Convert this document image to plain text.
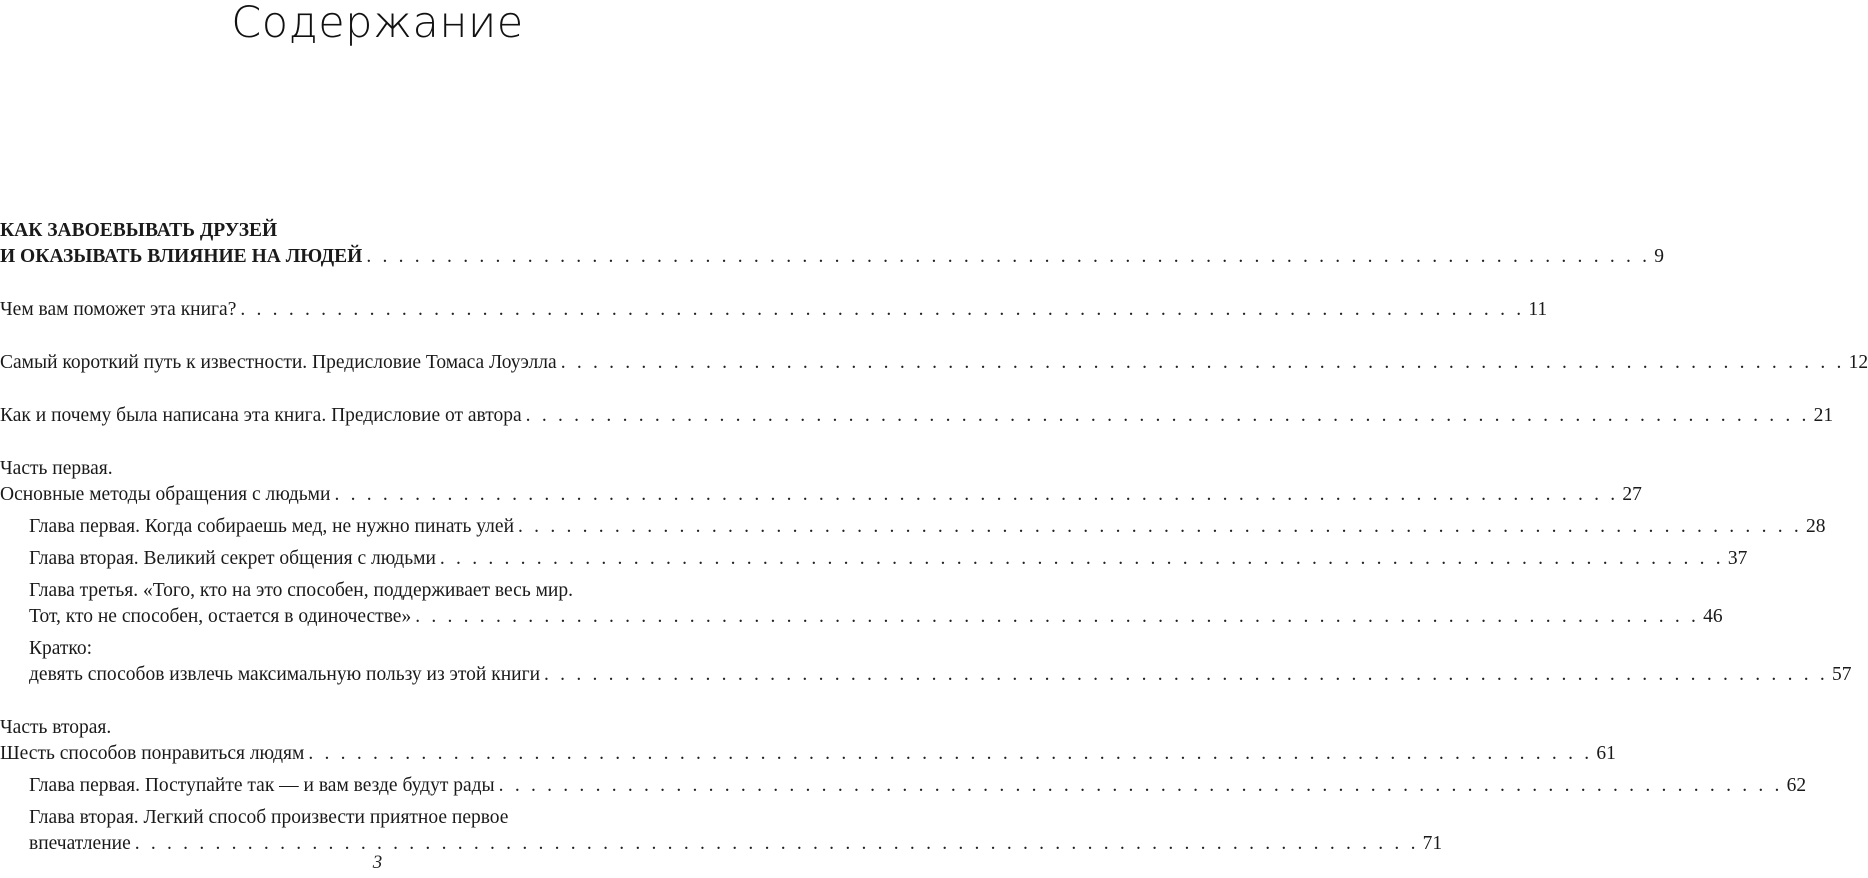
Содержание
КАК ЗАВОЕВЫВАТЬ ДРУЗЕЙ
И ОКАЗЫВАТЬ ВЛИЯНИЕ НА ЛЮДЕЙ . . . . . . . . . . . . . . . . . . . . . . . . . . . . . . . . . . . . . . . . . . . . . . . . . . . . . . . . . . . . . . . . . . . . . . . . . . . . . . . . 9
Чем вам поможет эта книга? . . . . . . . . . . . . . . . . . . . . . . . . . . . . . . . . . . . . . . . . . . . . . . . . . . . . . . . . . . . . . . . . . . . . . . . . . . . . . . . . 11
Самый короткий путь к известности. Предисловие Томаса Лоуэлла . . . . . . . . . . . . . . . . . . . . . . . . . . . . . . . . . . . . . . . . . . . . . . . . . . . . . . . . . . . . . . . . . . . . . . . . . . . . . . . . 12
Как и почему была написана эта книга. Предисловие от автора . . . . . . . . . . . . . . . . . . . . . . . . . . . . . . . . . . . . . . . . . . . . . . . . . . . . . . . . . . . . . . . . . . . . . . . . . . . . . . . . 21
Часть первая.
Основные методы обращения с людьми . . . . . . . . . . . . . . . . . . . . . . . . . . . . . . . . . . . . . . . . . . . . . . . . . . . . . . . . . . . . . . . . . . . . . . . . . . . . . . . . 27
Глава первая. Когда собираешь мед, не нужно пинать улей . . . . . . . . . . . . . . . . . . . . . . . . . . . . . . . . . . . . . . . . . . . . . . . . . . . . . . . . . . . . . . . . . . . . . . . . . . . . . . . . 28
Глава вторая. Великий секрет общения с людьми . . . . . . . . . . . . . . . . . . . . . . . . . . . . . . . . . . . . . . . . . . . . . . . . . . . . . . . . . . . . . . . . . . . . . . . . . . . . . . . . 37
Глава третья. «Того, кто на это способен, поддерживает весь мир.
Тот, кто не способен, остается в одиночестве» . . . . . . . . . . . . . . . . . . . . . . . . . . . . . . . . . . . . . . . . . . . . . . . . . . . . . . . . . . . . . . . . . . . . . . . . . . . . . . . . 46
Кратко:
девять способов извлечь максимальную пользу из этой книги . . . . . . . . . . . . . . . . . . . . . . . . . . . . . . . . . . . . . . . . . . . . . . . . . . . . . . . . . . . . . . . . . . . . . . . . . . . . . . . . 57
Часть вторая.
Шесть способов понравиться людям . . . . . . . . . . . . . . . . . . . . . . . . . . . . . . . . . . . . . . . . . . . . . . . . . . . . . . . . . . . . . . . . . . . . . . . . . . . . . . . . 61
Глава первая. Поступайте так — и вам везде будут рады . . . . . . . . . . . . . . . . . . . . . . . . . . . . . . . . . . . . . . . . . . . . . . . . . . . . . . . . . . . . . . . . . . . . . . . . . . . . . . . . 62
Глава вторая. Легкий способ произвести приятное первое
впечатление . . . . . . . . . . . . . . . . . . . . . . . . . . . . . . . . . . . . . . . . . . . . . . . . . . . . . . . . . . . . . . . . . . . . . . . . . . . . . . . . 71
3
